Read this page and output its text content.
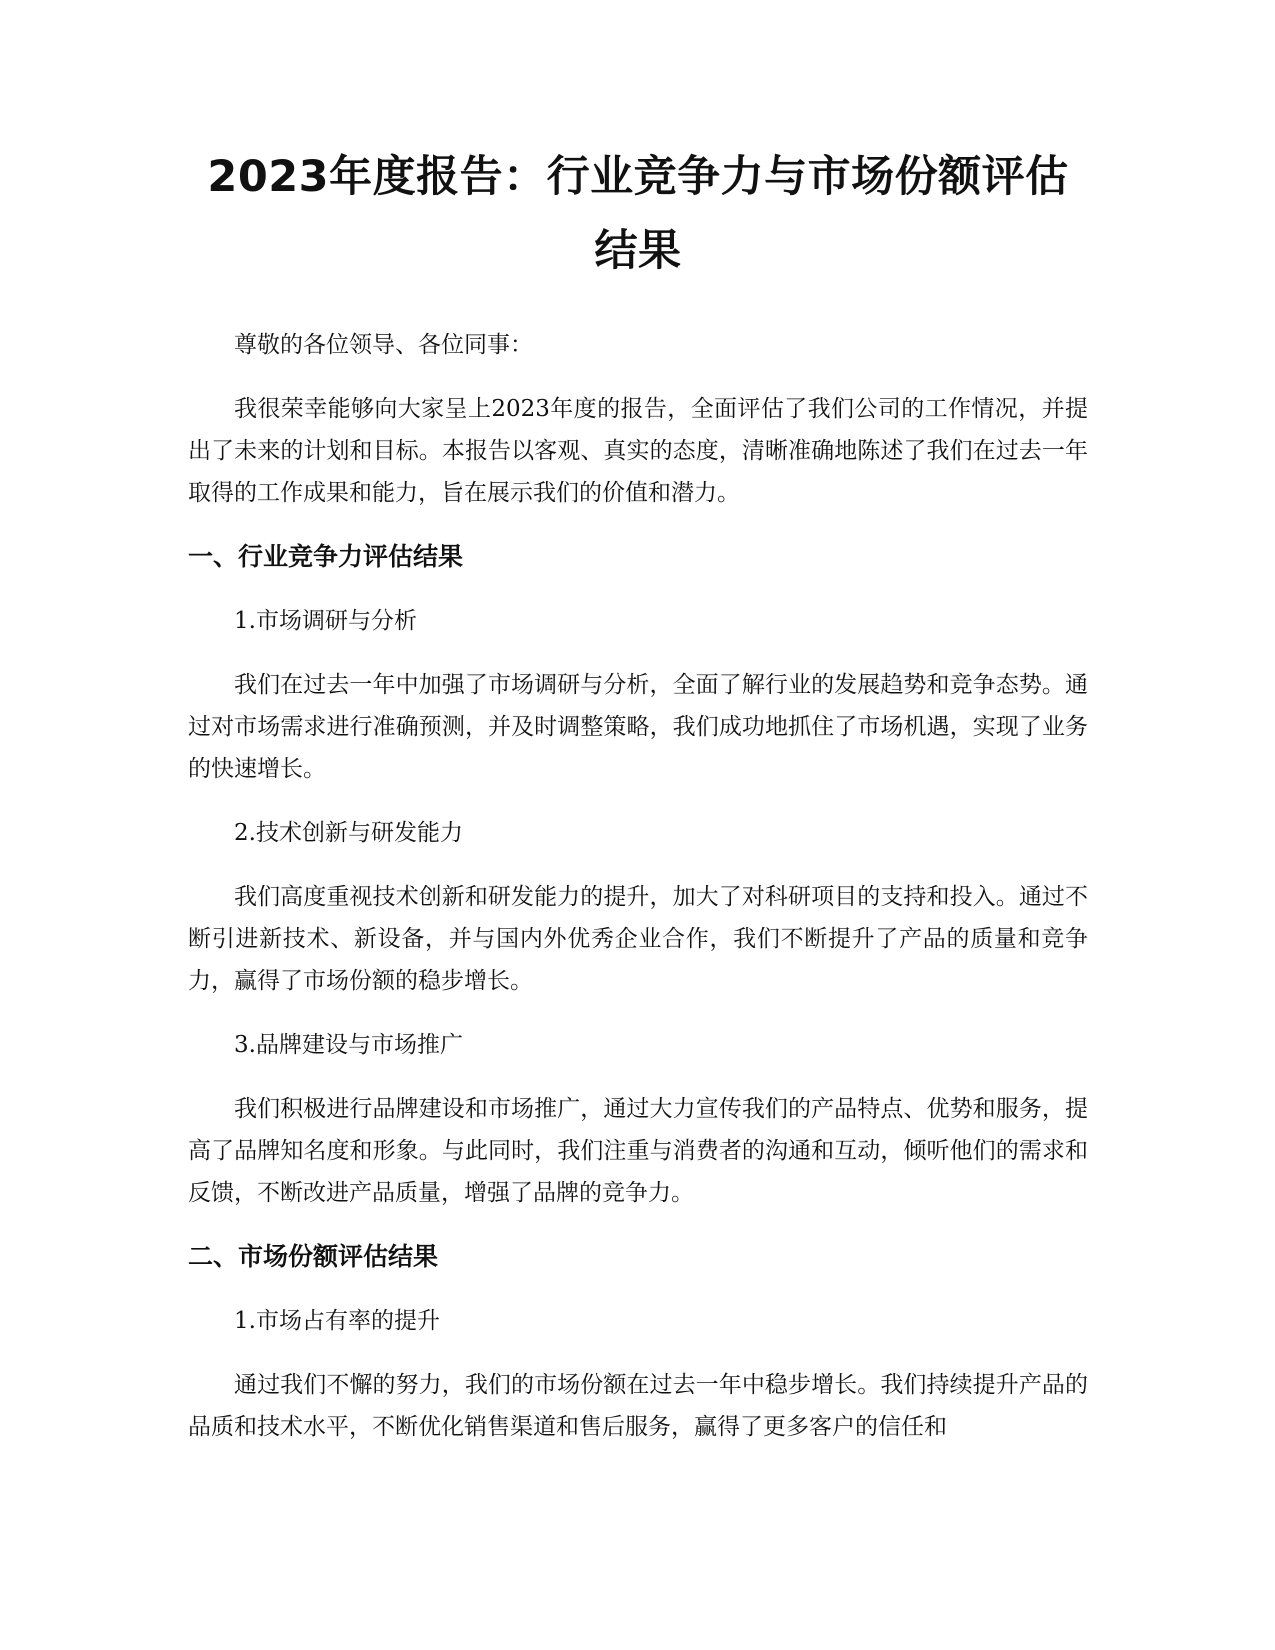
2023年度报告：行业竞争力与市场份额评估结果

尊敬的各位领导、各位同事：

我很荣幸能够向大家呈上2023年度的报告，全面评估了我们公司的工作情况，并提出了未来的计划和目标。本报告以客观、真实的态度，清晰准确地陈述了我们在过去一年取得的工作成果和能力，旨在展示我们的价值和潜力。

一、行业竞争力评估结果

1.市场调研与分析

我们在过去一年中加强了市场调研与分析，全面了解行业的发展趋势和竞争态势。通过对市场需求进行准确预测，并及时调整策略，我们成功地抓住了市场机遇，实现了业务的快速增长。

2.技术创新与研发能力

我们高度重视技术创新和研发能力的提升，加大了对科研项目的支持和投入。通过不断引进新技术、新设备，并与国内外优秀企业合作，我们不断提升了产品的质量和竞争力，赢得了市场份额的稳步增长。

3.品牌建设与市场推广

我们积极进行品牌建设和市场推广，通过大力宣传我们的产品特点、优势和服务，提高了品牌知名度和形象。与此同时，我们注重与消费者的沟通和互动，倾听他们的需求和反馈，不断改进产品质量，增强了品牌的竞争力。

二、市场份额评估结果

1.市场占有率的提升

通过我们不懈的努力，我们的市场份额在过去一年中稳步增长。我们持续提升产品的品质和技术水平，不断优化销售渠道和售后服务，赢得了更多客户的信任和
